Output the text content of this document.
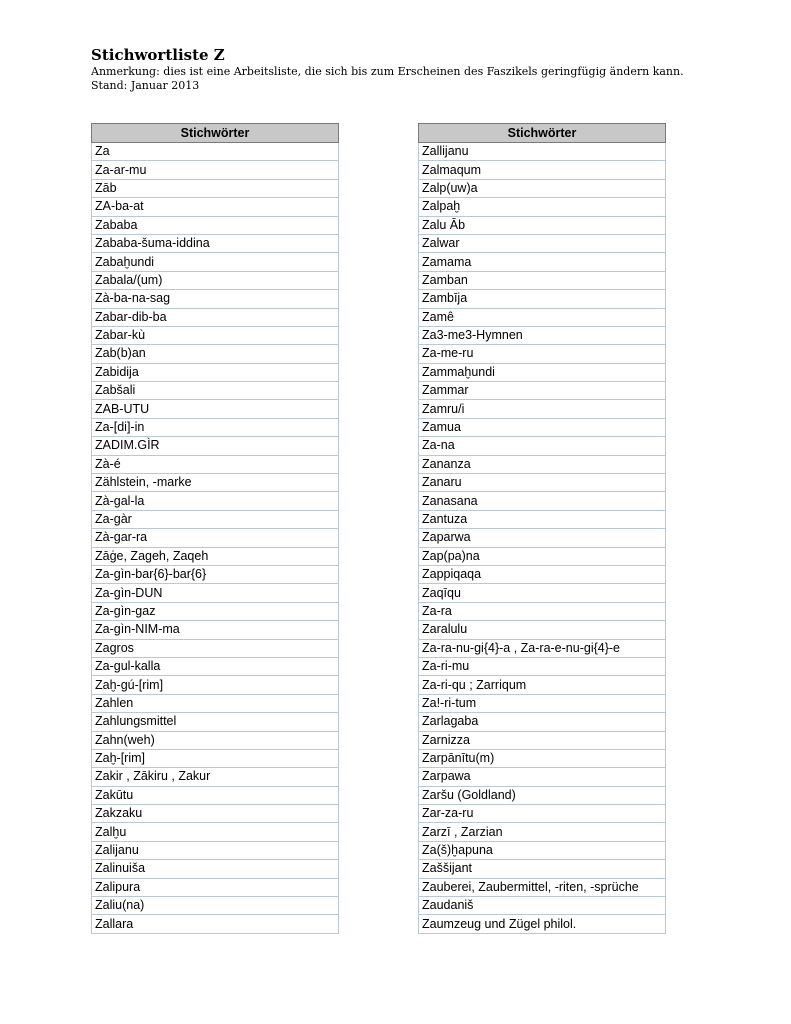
Stichwortliste Z

Anmerkung: dies ist eine Arbeitsliste, die sich bis zum Erscheinen des Faszikels geringfügig ändern kann.

Stand: Januar 2013

Stichwörter
Za
Za-ar-mu
Zāb
ZA-ba-at
Zababa
Zababa-šuma-iddina
Zabaḫundi
Zabala/(um)
Zà-ba-na-sag
Zabar-dib-ba
Zabar-kù
Zab(b)an
Zabidija
Zabšali
ZAB-UTU
Za-[di]-in
ZADIM.GÌR
Zà-é
Zählstein, -marke
Zà-gal-la
Za-gàr
Zà-gar-ra
Zāġe, Zageh, Zaqeh
Za-gìn-bar{6}-bar{6}
Za-gìn-DUN
Za-gìn-gaz
Za-gìn-NIM-ma
Zagros
Za-gul-kalla
Zaḫ-gú-[rim]
Zahlen
Zahlungsmittel
Zahn(weh)
Zaḫ-[rim]
Zakir , Zākiru , Zakur
Zakūtu
Zakzaku
Zalḫu
Zalijanu
Zalinuiša
Zalipura
Zaliu(na)
Zallara
Stichwörter
Zallijanu
Zalmaqum
Zalp(uw)a
Zalpaḫ
Zalu Āb
Zalwar
Zamama
Zamban
Zambīja
Zamê
Za3-me3-Hymnen
Za-me-ru
Zammaḫundi
Zammar
Zamru/i
Zamua
Za-na
Zananza
Zanaru
Zanasana
Zantuza
Zaparwa
Zap(pa)na
Zappiqaqa
Zaqīqu
Za-ra
Zaralulu
Za-ra-nu-gi{4}-a , Za-ra-e-nu-gi{4}-e
Za-ri-mu
Za-ri-qu ; Zarriqum
Za!-ri-tum
Zarlagaba
Zarnizza
Zarpānītu(m)
Zarpawa
Zaršu (Goldland)
Zar-za-ru
Zarzī , Zarzian
Za(š)ḫapuna
Zaššijant
Zauberei, Zaubermittel, -riten, -sprüche
Zaudaniš
Zaumzeug und Zügel philol.
